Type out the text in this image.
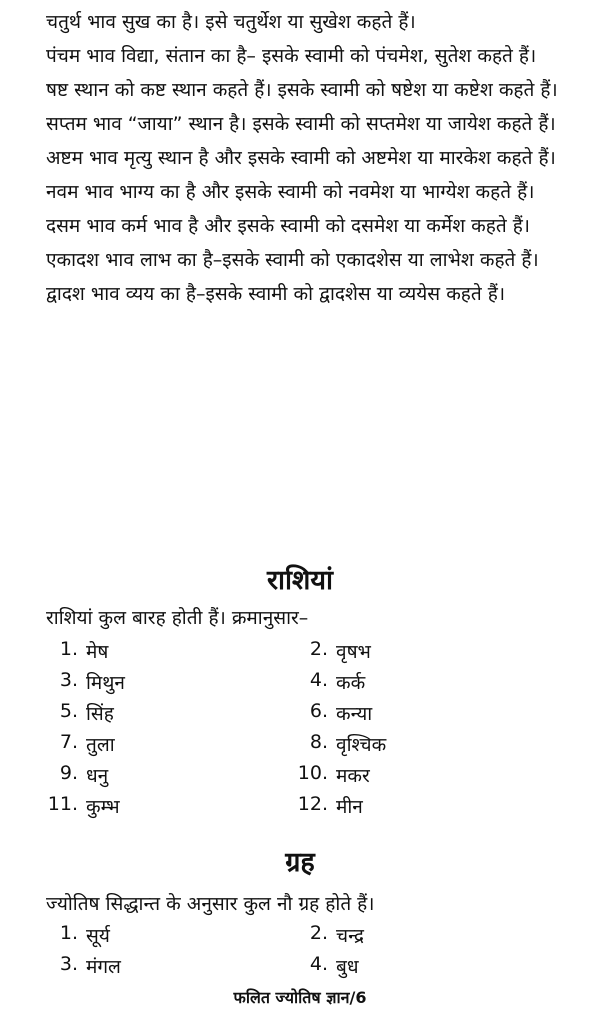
चतुर्थ भाव सुख का है। इसे चतुर्थेश या सुखेश कहते हैं।

पंचम भाव विद्या, संतान का है– इसके स्वामी को पंचमेश, सुतेश कहते हैं।

षष्ट स्थान को कष्ट स्थान कहते हैं। इसके स्वामी को षष्टेश या कष्टेश कहते हैं।

सप्तम भाव “जाया” स्थान है। इसके स्वामी को सप्तमेश या जायेश कहते हैं।

अष्टम भाव मृत्यु स्थान है और इसके स्वामी को अष्टमेश या मारकेश कहते हैं।

नवम भाव भाग्य का है और इसके स्वामी को नवमेश या भाग्येश कहते हैं।

दसम भाव कर्म भाव है और इसके स्वामी को दसमेश या कर्मेश कहते हैं।

एकादश भाव लाभ का है–इसके स्वामी को एकादशेस या लाभेश कहते हैं।

द्वादश भाव व्यय का है–इसके स्वामी को द्वादशेस या व्ययेस कहते हैं।

राशियां

राशियां कुल बारह होती हैं। क्रमानुसार–

1. मेष	2. वृषभ
3. मिथुन	4. कर्क
5. सिंह	6. कन्या
7. तुला	8. वृश्चिक
9. धनु	10. मकर
11. कुम्भ	12. मीन
ग्रह

ज्योतिष सिद्धान्त के अनुसार कुल नौ ग्रह होते हैं।

1. सूर्य	2. चन्द्र
3. मंगल	4. बुध
फलित ज्योतिष ज्ञान/6
